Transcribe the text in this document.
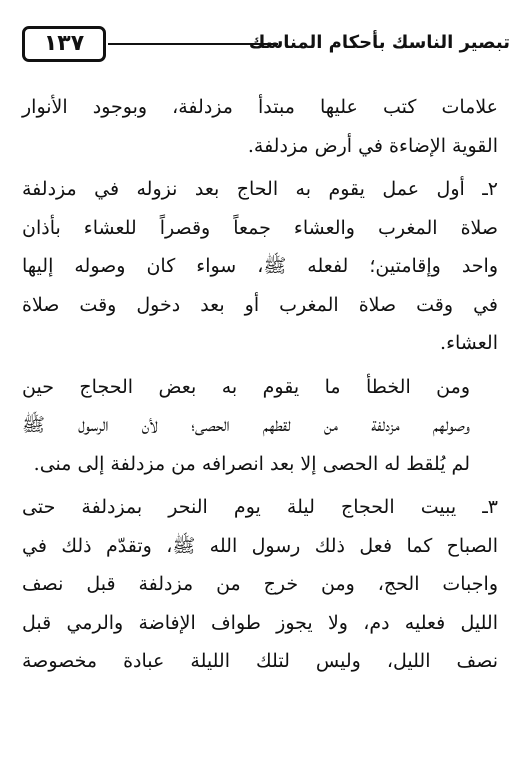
تبصير الناسك بأحكام المناسك
١٣٧

علامات كتب عليها مبتدأ مزدلفة، وبوجود الأنوار
القوية الإضاءة في أرض مزدلفة.

٢ـ أول عمل يقوم به الحاج بعد نزوله في مزدلفة
صلاة المغرب والعشاء جمعاً وقصراً للعشاء بأذان
واحد وإقامتين؛ لفعله ﷺ، سواء كان وصوله إليها
في وقت صلاة المغرب أو بعد دخول وقت صلاة
العشاء.

ومن الخطأ ما يقوم به بعض الحجاج حين
وصولهم مزدلفة من لقطهم الحصى؛ لأن الرسول ﷺ
لم يُلقط له الحصى إلا بعد انصرافه من مزدلفة إلى منى.

٣ـ يبيت الحجاج ليلة يوم النحر بمزدلفة حتى
الصباح كما فعل ذلك رسول الله ﷺ، وتقدّم ذلك في
واجبات الحج، ومن خرج من مزدلفة قبل نصف
الليل فعليه دم، ولا يجوز طواف الإفاضة والرمي قبل
نصف الليل، وليس لتلك الليلة عبادة مخصوصة
